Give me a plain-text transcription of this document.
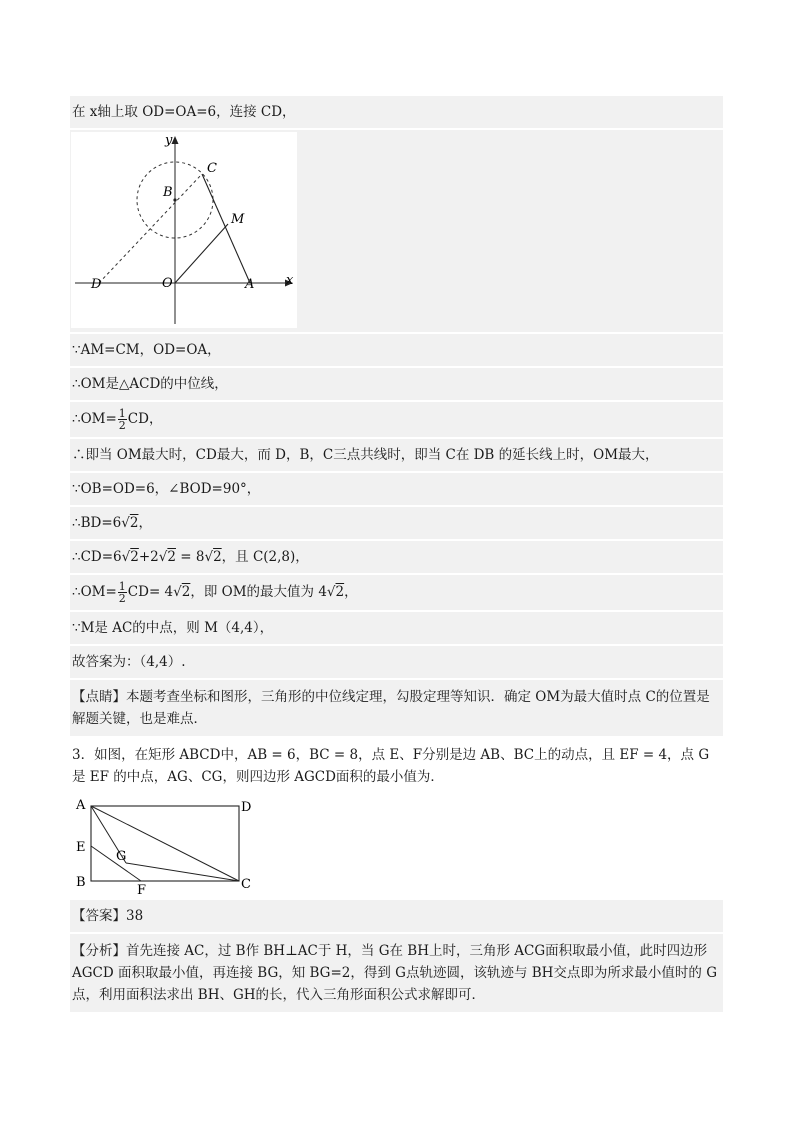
在 x轴上取 OD=OA=6，连接 CD，
y
x
B
C
M
D	O	A
∵AM=CM，OD=OA，
∴OM是△ACD的中位线，
∴OM= $\frac{1}{2}$ CD，
∴即当 OM最大时，CD最大，而 D，B，C三点共线时，即当 C在 DB 的延长线上时，OM最大，
∵OB=OD=6，∠BOD=90°，
∴BD=6√2，
∴CD=6√2+2√2 = 8√2，且 C(2,8)，
∴OM= $\frac{1}{2} CD= 4√2$，即 OM的最大值为 4√2，
∵M是 AC的中点，则 M（4,4），
故答案为：（4,4）.
【点睛】本题考查坐标和图形，三角形的中位线定理，勾股定理等知识．确定 OM为最大值时点 C的位置是解题关键，也是难点．
3．如图，在矩形 ABCD中，AB = 6，BC = 8，点 E、F分别是边 AB、BC上的动点，且 EF = 4，点 G是 EF 的中点，AG、CG，则四边形 AGCD面积的最小值为．
A	D
E
G
B
F	C
【答案】38
【分析】首先连接 AC，过 B作 BH⊥AC于 H，当 G在 BH上时，三角形 ACG面积取最小值，此时四边形 AGCD 面积取最小值，再连接 BG，知 BG=2，得到 G点轨迹圆，该轨迹与 BH交点即为所求最小值时的 G点，利用面积法求出 BH、GH的长，代入三角形面积公式求解即可．
